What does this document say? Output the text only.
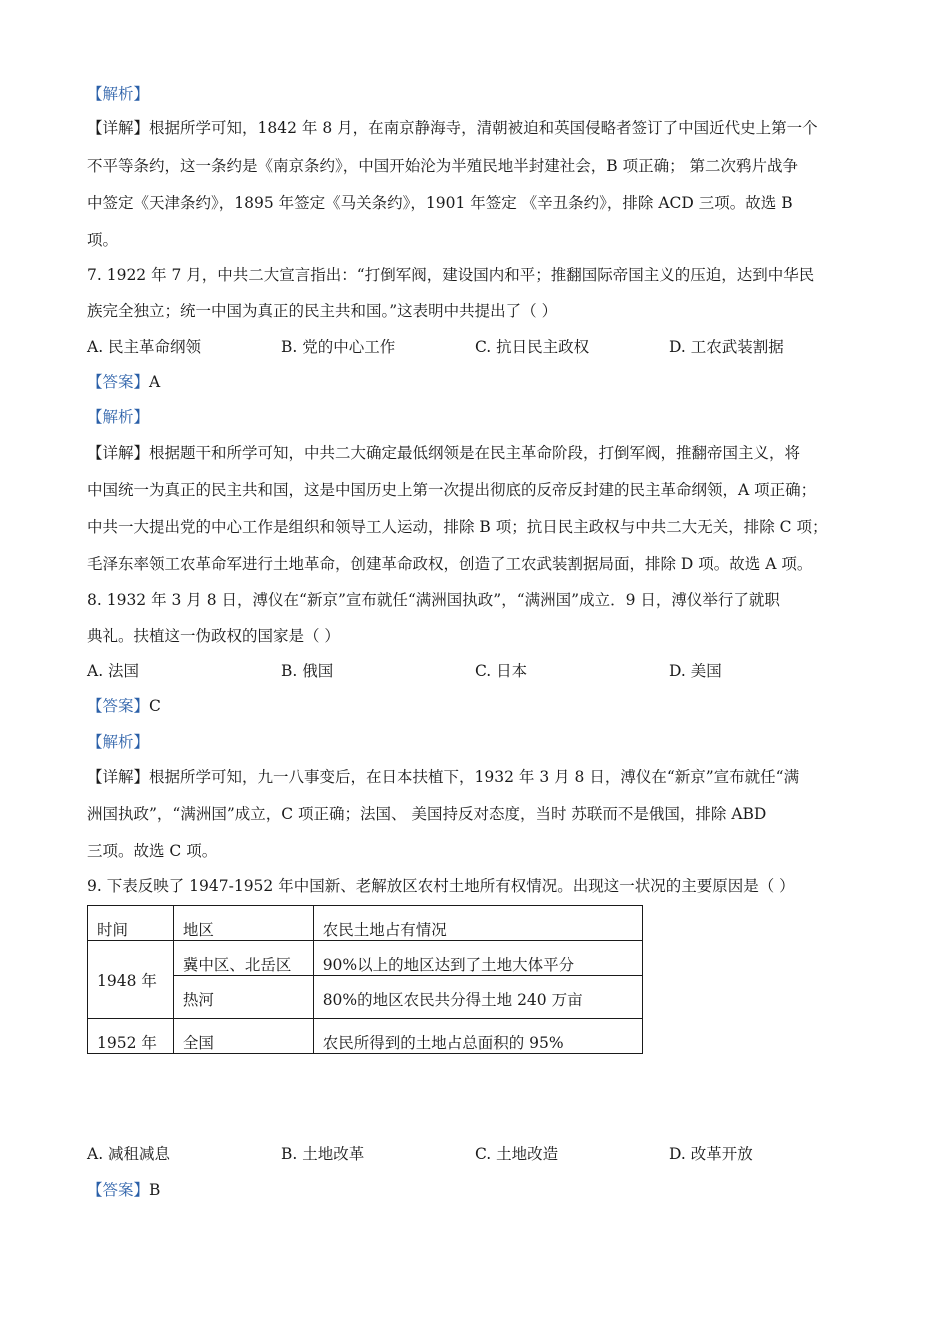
【解析】
【详解】根据所学可知，1842 年 8 月，在南京静海寺，清朝被迫和英国侵略者签订了中国近代史上第一个
不平等条约，这一条约是《南京条约》，中国开始沦为半殖民地半封建社会，B 项正确； 第二次鸦片战争
中签定《天津条约》，1895 年签定《马关条约》，1901 年签定 《辛丑条约》，排除 ACD 三项。故选 B
项。
7. 1922 年 7 月，中共二大宣言指出：“打倒军阀，建设国内和平；推翻国际帝国主义的压迫，达到中华民
族完全独立；统一中国为真正的民主共和国。”这表明中共提出了（ ）
A. 民主革命纲领	B. 党的中心工作	C. 抗日民主政权	D. 工农武装割据
【答案】A
【解析】
【详解】根据题干和所学可知，中共二大确定最低纲领是在民主革命阶段，打倒军阀，推翻帝国主义，将
中国统一为真正的民主共和国，这是中国历史上第一次提出彻底的反帝反封建的民主革命纲领，A 项正确；
中共一大提出党的中心工作是组织和领导工人运动，排除 B 项；抗日民主政权与中共二大无关，排除 C 项；
毛泽东率领工农革命军进行土地革命，创建革命政权，创造了工农武装割据局面，排除 D 项。故选 A 项。
8. 1932 年 3 月 8 日，溥仪在“新京”宣布就任“满洲国执政”，“满洲国”成立．9 日，溥仪举行了就职
典礼。扶植这一伪政权的国家是（ ）
A. 法国	B. 俄国	C. 日本	D. 美国
【答案】C
【解析】
【详解】根据所学可知，九一八事变后，在日本扶植下，1932 年 3 月 8 日，溥仪在“新京”宣布就任“满
洲国执政”，“满洲国”成立，C 项正确；法国、 美国持反对态度，当时 苏联而不是俄国，排除 ABD
三项。故选 C 项。
9. 下表反映了 1947-1952 年中国新、老解放区农村土地所有权情况。出现这一状况的主要原因是（ ）
时间	地区	农民土地占有情况
1948 年	冀中区、北岳区	90%以上的地区达到了土地大体平分
	热河	80%的地区农民共分得土地 240 万亩
1952 年	全国	农民所得到的土地占总面积的 95%
A. 减租减息	B. 土地改革	C. 土地改造	D. 改革开放
【答案】B
